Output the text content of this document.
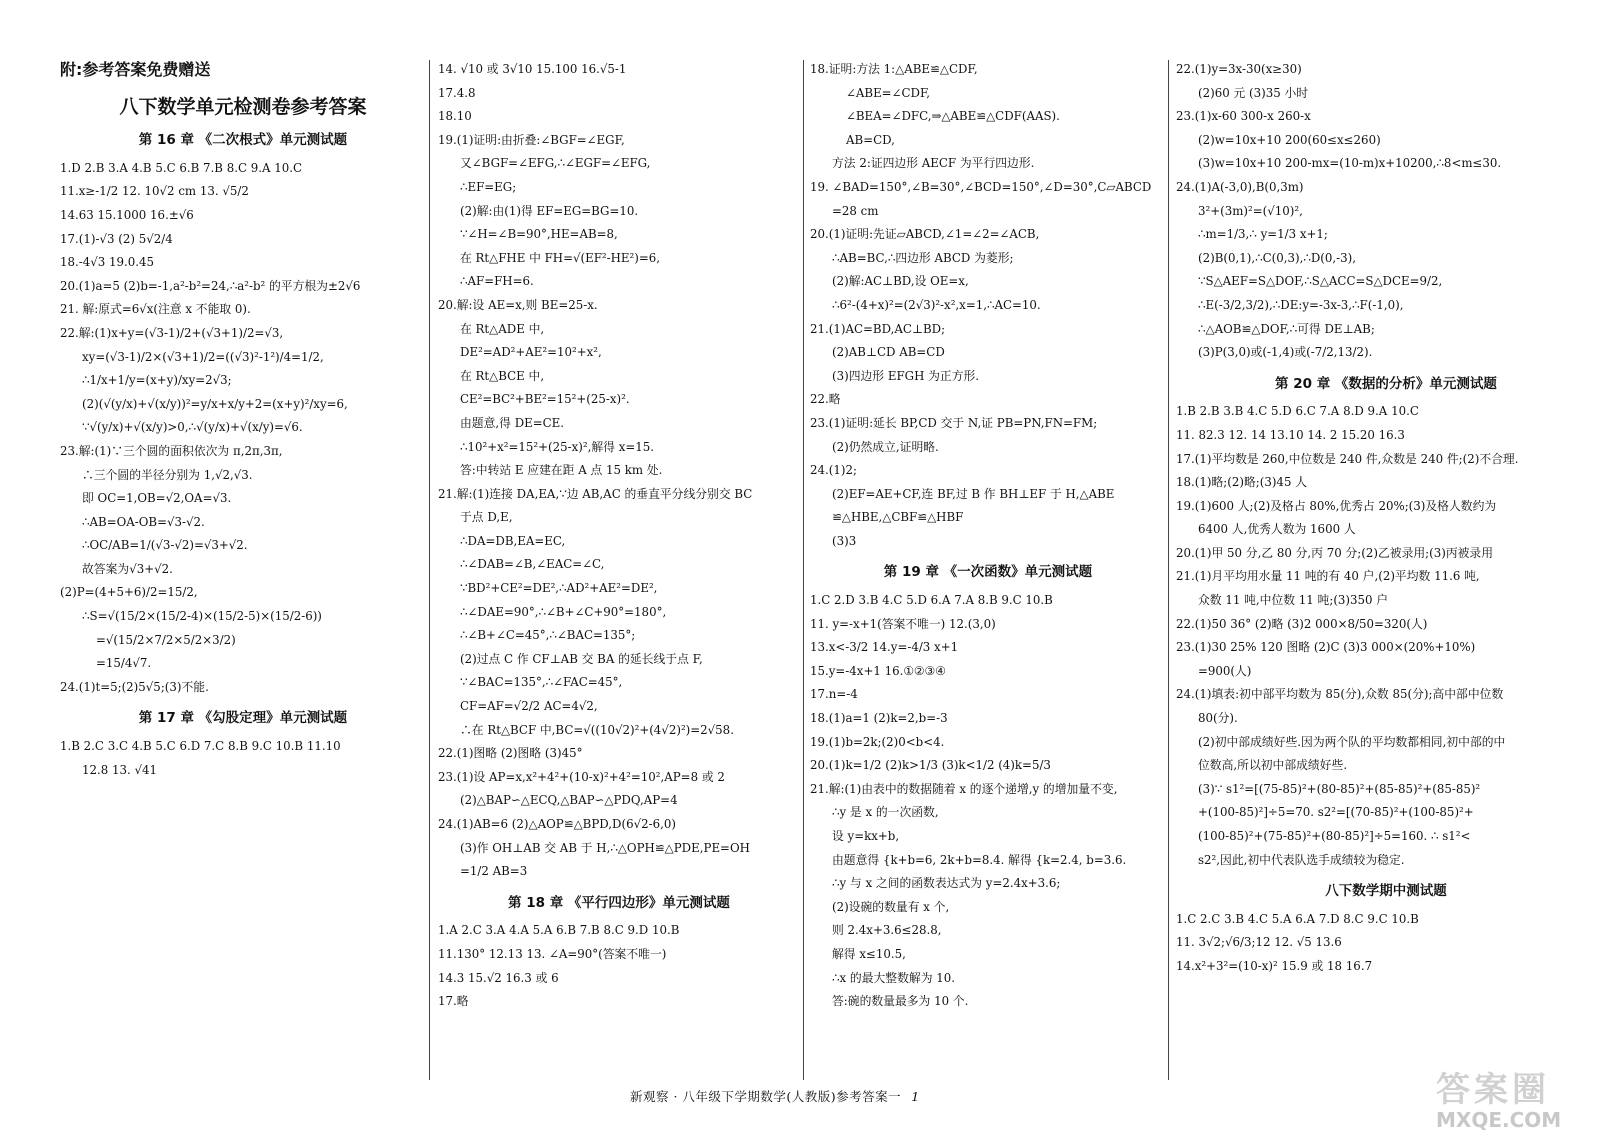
附:参考答案免费赠送
八下数学单元检测卷参考答案
第 16 章 《二次根式》单元测试题
1.D 2.B 3.A 4.B 5.C 6.B 7.B 8.C 9.A 10.C
11.x≥-1/2 12. 10√2 cm 13. √5/2
14.63 15.1000 16.±√6
17.(1)-√3 (2) 5√2/4
18.-4√3 19.0.45
20.(1)a=5 (2)b=-1,a²-b²=24,∴a²-b² 的平方根为±2√6
21. 解:原式=6√x(注意 x 不能取 0).
22.解:(1)x+y=(√3-1)/2+(√3+1)/2=√3,
xy=(√3-1)/2×(√3+1)/2=((√3)²-1²)/4=1/2,
∴1/x+1/y=(x+y)/xy=2√3;
(2)(√(y/x)+√(x/y))²=y/x+x/y+2=(x+y)²/xy=6,
∵√(y/x)+√(x/y)>0,∴√(y/x)+√(x/y)=√6.
23.解:(1)∵三个圆的面积依次为 π,2π,3π,
∴三个圆的半径分别为 1,√2,√3.
即 OC=1,OB=√2,OA=√3.
∴AB=OA-OB=√3-√2.
∴OC/AB=1/(√3-√2)=√3+√2.
故答案为√3+√2.
(2)P=(4+5+6)/2=15/2,
∴S=√(15/2×(15/2-4)×(15/2-5)×(15/2-6))
=√(15/2×7/2×5/2×3/2)
=15/4√7.
24.(1)t=5;(2)5√5;(3)不能.
第 17 章 《勾股定理》单元测试题
1.B 2.C 3.C 4.B 5.C 6.D 7.C 8.B 9.C 10.B 11.10
12.8 13. √41
14. √10 或 3√10 15.100 16.√5-1
17.4.8
18.10
19.(1)证明:由折叠:∠BGF=∠EGF,
又∠BGF=∠EFG,∴∠EGF=∠EFG,
∴EF=EG;
(2)解:由(1)得 EF=EG=BG=10.
∵∠H=∠B=90°,HE=AB=8,
在 Rt△FHE 中 FH=√(EF²-HE²)=6,
∴AF=FH=6.
20.解:设 AE=x,则 BE=25-x.
在 Rt△ADE 中,
DE²=AD²+AE²=10²+x²,
在 Rt△BCE 中,
CE²=BC²+BE²=15²+(25-x)².
由题意,得 DE=CE.
∴10²+x²=15²+(25-x)²,解得 x=15.
答:中转站 E 应建在距 A 点 15 km 处.
21.解:(1)连接 DA,EA,∵边 AB,AC 的垂直平分线分别交 BC
于点 D,E,
∴DA=DB,EA=EC,
∴∠DAB=∠B,∠EAC=∠C,
∵BD²+CE²=DE²,∴AD²+AE²=DE²,
∴∠DAE=90°,∴∠B+∠C+90°=180°,
∴∠B+∠C=45°,∴∠BAC=135°;
(2)过点 C 作 CF⊥AB 交 BA 的延长线于点 F,
∵∠BAC=135°,∴∠FAC=45°,
CF=AF=√2/2 AC=4√2,
∴在 Rt△BCF 中,BC=√((10√2)²+(4√2)²)=2√58.
22.(1)图略 (2)图略 (3)45°
23.(1)设 AP=x,x²+4²+(10-x)²+4²=10²,AP=8 或 2
(2)△BAP∽△ECQ,△BAP∽△PDQ,AP=4
24.(1)AB=6 (2)△AOP≌△BPD,D(6√2-6,0)
(3)作 OH⊥AB 交 AB 于 H,∴△OPH≌△PDE,PE=OH
=1/2 AB=3
第 18 章 《平行四边形》单元测试题
1.A 2.C 3.A 4.A 5.A 6.B 7.B 8.C 9.D 10.B
11.130° 12.13 13. ∠A=90°(答案不唯一)
14.3 15.√2 16.3 或 6
17.略
18.证明:方法 1:△ABE≌△CDF,
∠ABE=∠CDF,
∠BEA=∠DFC,⇒△ABE≌△CDF(AAS).
AB=CD,
方法 2:证四边形 AECF 为平行四边形.
19. ∠BAD=150°,∠B=30°,∠BCD=150°,∠D=30°,C▱ABCD
=28 cm
20.(1)证明:先证▱ABCD,∠1=∠2=∠ACB,
∴AB=BC,∴四边形 ABCD 为菱形;
(2)解:AC⊥BD,设 OE=x,
∴6²-(4+x)²=(2√3)²-x²,x=1,∴AC=10.
21.(1)AC=BD,AC⊥BD;
(2)AB⊥CD AB=CD
(3)四边形 EFGH 为正方形.
22.略
23.(1)证明:延长 BP,CD 交于 N,证 PB=PN,FN=FM;
(2)仍然成立,证明略.
24.(1)2;
(2)EF=AE+CF,连 BF,过 B 作 BH⊥EF 于 H,△ABE
≌△HBE,△CBF≌△HBF
(3)3
第 19 章 《一次函数》单元测试题
1.C 2.D 3.B 4.C 5.D 6.A 7.A 8.B 9.C 10.B
11. y=-x+1(答案不唯一) 12.(3,0)
13.x<-3/2 14.y=-4/3 x+1
15.y=-4x+1 16.①②③④
17.n=-4
18.(1)a=1 (2)k=2,b=-3
19.(1)b=2k;(2)0<b<4.
20.(1)k=1/2 (2)k>1/3 (3)k<1/2 (4)k=5/3
21.解:(1)由表中的数据随着 x 的逐个递增,y 的增加量不变,
∴y 是 x 的一次函数,
设 y=kx+b,
由题意得 {k+b=6, 2k+b=8.4. 解得 {k=2.4, b=3.6.
∴y 与 x 之间的函数表达式为 y=2.4x+3.6;
(2)设碗的数量有 x 个,
则 2.4x+3.6≤28.8,
解得 x≤10.5,
∴x 的最大整数解为 10.
答:碗的数量最多为 10 个.
22.(1)y=3x-30(x≥30)
(2)60 元 (3)35 小时
23.(1)x-60 300-x 260-x
(2)w=10x+10 200(60≤x≤260)
(3)w=10x+10 200-mx=(10-m)x+10200,∴8<m≤30.
24.(1)A(-3,0),B(0,3m)
3²+(3m)²=(√10)²,
∴m=1/3,∴ y=1/3 x+1;
(2)B(0,1),∴C(0,3),∴D(0,-3),
∵S△AEF=S△DOF,∴S△ACC=S△DCE=9/2,
∴E(-3/2,3/2),∴DE:y=-3x-3,∴F(-1,0),
∴△AOB≌△DOF,∴可得 DE⊥AB;
(3)P(3,0)或(-1,4)或(-7/2,13/2).
第 20 章 《数据的分析》单元测试题
1.B 2.B 3.B 4.C 5.D 6.C 7.A 8.D 9.A 10.C
11. 82.3 12. 14 13.10 14. 2 15.20 16.3
17.(1)平均数是 260,中位数是 240 件,众数是 240 件;(2)不合理.
18.(1)略;(2)略;(3)45 人
19.(1)600 人;(2)及格占 80%,优秀占 20%;(3)及格人数约为
6400 人,优秀人数为 1600 人
20.(1)甲 50 分,乙 80 分,丙 70 分;(2)乙被录用;(3)丙被录用
21.(1)月平均用水量 11 吨的有 40 户,(2)平均数 11.6 吨,
众数 11 吨,中位数 11 吨;(3)350 户
22.(1)50 36° (2)略 (3)2 000×8/50=320(人)
23.(1)30 25% 120 图略 (2)C (3)3 000×(20%+10%)
=900(人)
24.(1)填表:初中部平均数为 85(分),众数 85(分);高中部中位数
80(分).
(2)初中部成绩好些.因为两个队的平均数都相同,初中部的中
位数高,所以初中部成绩好些.
(3)∵ s1²=[(75-85)²+(80-85)²+(85-85)²+(85-85)²
+(100-85)²]÷5=70. s2²=[(70-85)²+(100-85)²+
(100-85)²+(75-85)²+(80-85)²]÷5=160. ∴ s1²<
s2²,因此,初中代表队选手成绩较为稳定.
八下数学期中测试题
1.C 2.C 3.B 4.C 5.A 6.A 7.D 8.C 9.C 10.B
11. 3√2;√6/3;12 12. √5 13.6
14.x²+3²=(10-x)² 15.9 或 18 16.7
新观察 · 八年级下学期数学(人教版)参考答案一 1	答案圈
MXQE.COM
